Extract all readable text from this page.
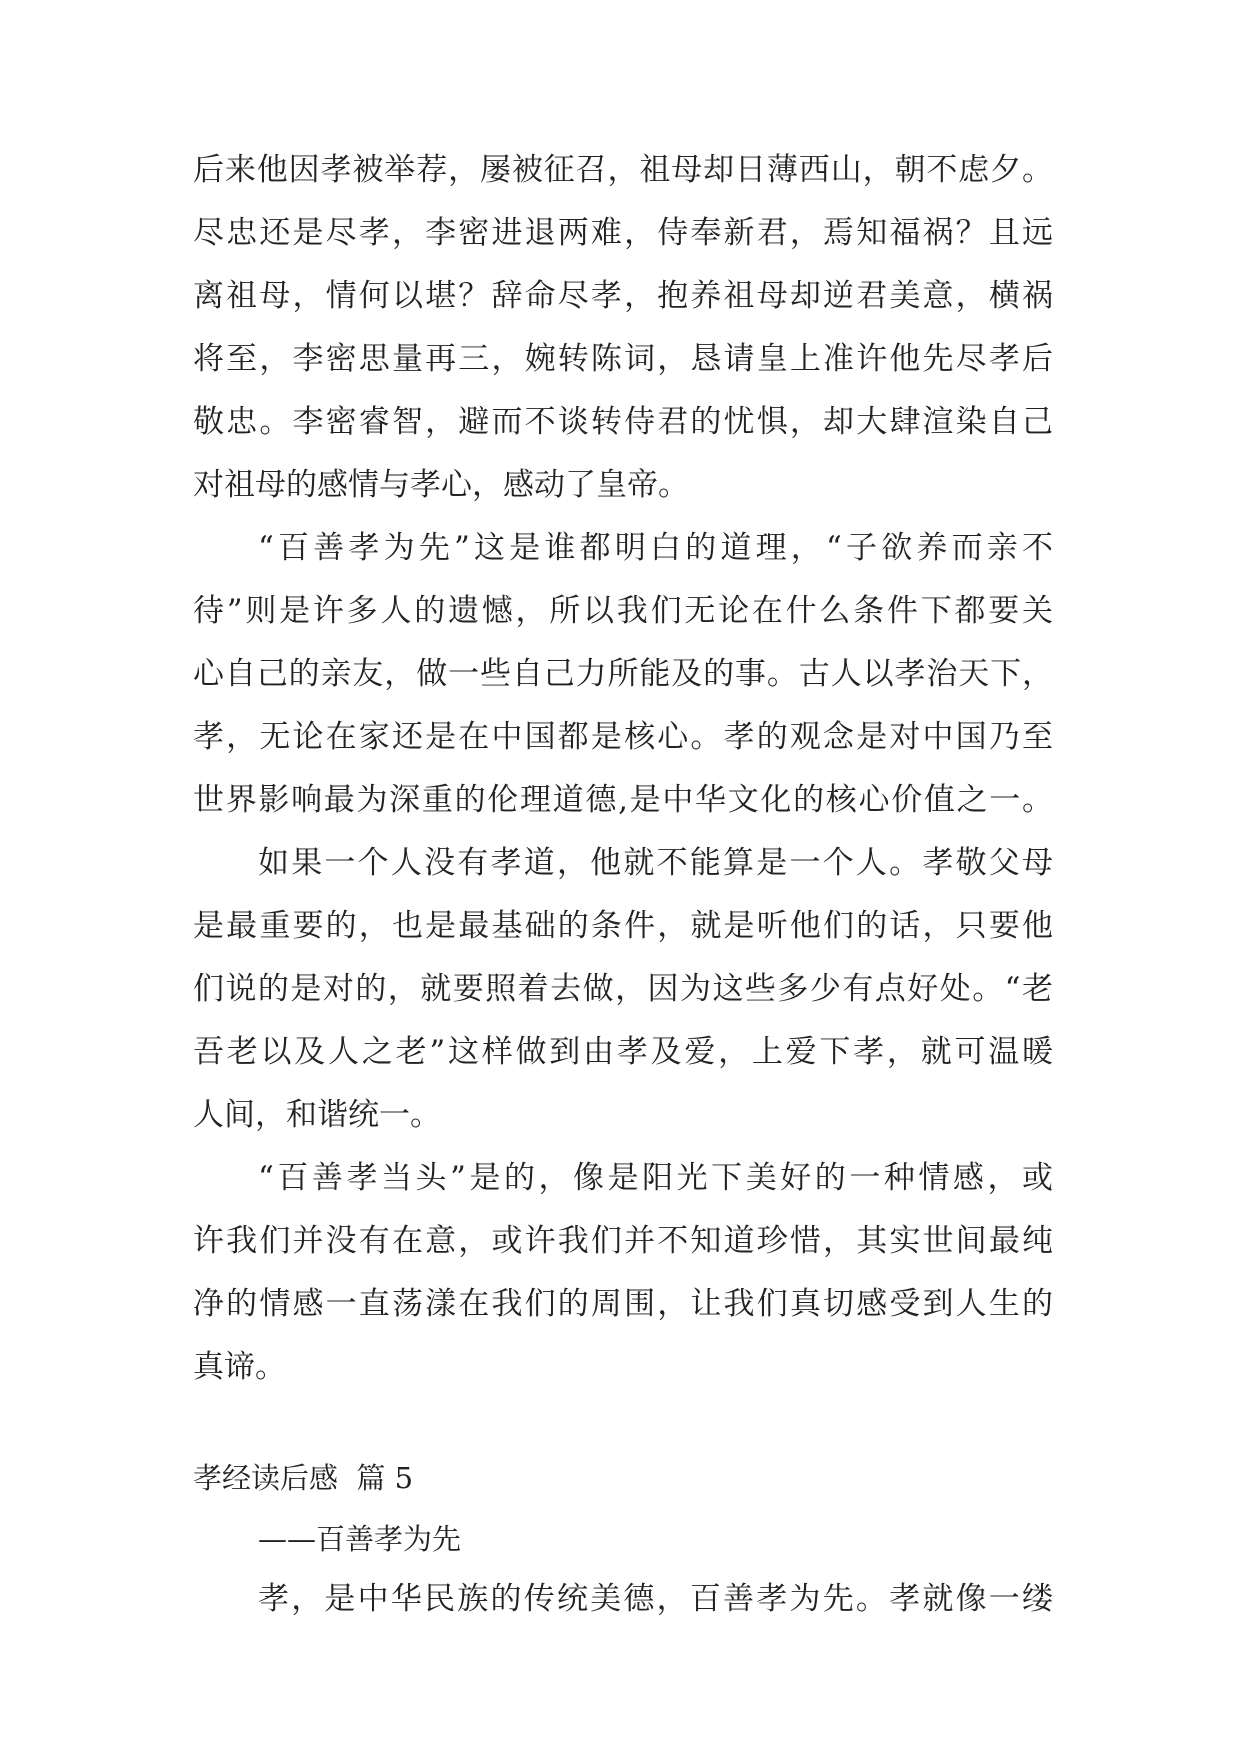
后来他因孝被举荐，屡被征召，祖母却日薄西山，朝不虑夕。
尽忠还是尽孝，李密进退两难，侍奉新君，焉知福祸？且远
离祖母，情何以堪？辞命尽孝，抱养祖母却逆君美意，横祸
将至，李密思量再三，婉转陈词，恳请皇上准许他先尽孝后
敬忠。李密睿智，避而不谈转侍君的忧惧，却大肆渲染自己
对祖母的感情与孝心，感动了皇帝。
“百善孝为先”这是谁都明白的道理，“子欲养而亲不
待”则是许多人的遗憾，所以我们无论在什么条件下都要关
心自己的亲友，做一些自己力所能及的事。古人以孝治天下，
孝，无论在家还是在中国都是核心。孝的观念是对中国乃至
世界影响最为深重的伦理道德,是中华文化的核心价值之一。
如果一个人没有孝道，他就不能算是一个人。孝敬父母
是最重要的，也是最基础的条件，就是听他们的话，只要他
们说的是对的，就要照着去做，因为这些多少有点好处。“老
吾老以及人之老”这样做到由孝及爱，上爱下孝，就可温暖
人间，和谐统一。
“百善孝当头”是的，像是阳光下美好的一种情感，或
许我们并没有在意，或许我们并不知道珍惜，其实世间最纯
净的情感一直荡漾在我们的周围，让我们真切感受到人生的
真谛。
孝经读后感  篇 5
——百善孝为先
孝，是中华民族的传统美德，百善孝为先。孝就像一缕
